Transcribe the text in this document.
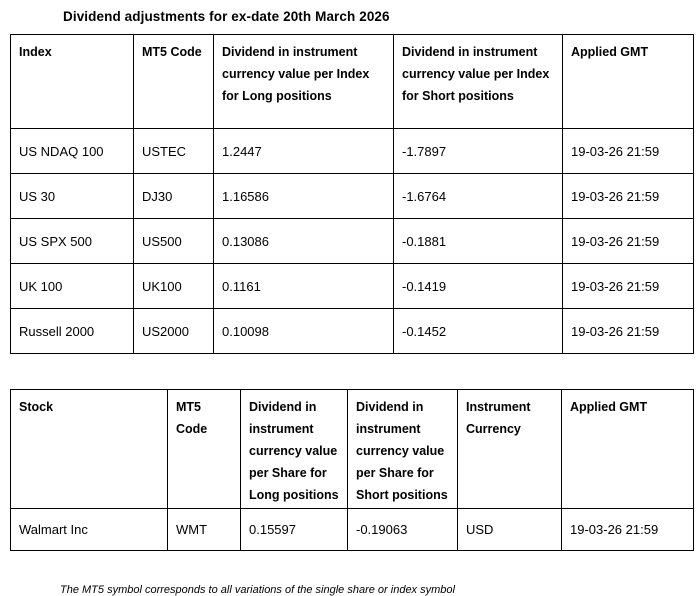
Dividend adjustments for ex-date 20th March 2026
Index	MT5 Code	Dividend in instrument currency value per Index for Long positions	Dividend in instrument currency value per Index for Short positions	Applied GMT
US NDAQ 100	USTEC	1.2447	-1.7897	19-03-26 21:59
US 30	DJ30	1.16586	-1.6764	19-03-26 21:59
US SPX 500	US500	0.13086	-0.1881	19-03-26 21:59
UK 100	UK100	0.1161	-0.1419	19-03-26 21:59
Russell 2000	US2000	0.10098	-0.1452	19-03-26 21:59
Stock	MT5 Code	Dividend in instrument currency value per Share for Long positions	Dividend in instrument currency value per Share for Short positions	Instrument Currency	Applied GMT
Walmart Inc	WMT	0.15597	-0.19063	USD	19-03-26 21:59
The MT5 symbol corresponds to all variations of the single share or index symbol
